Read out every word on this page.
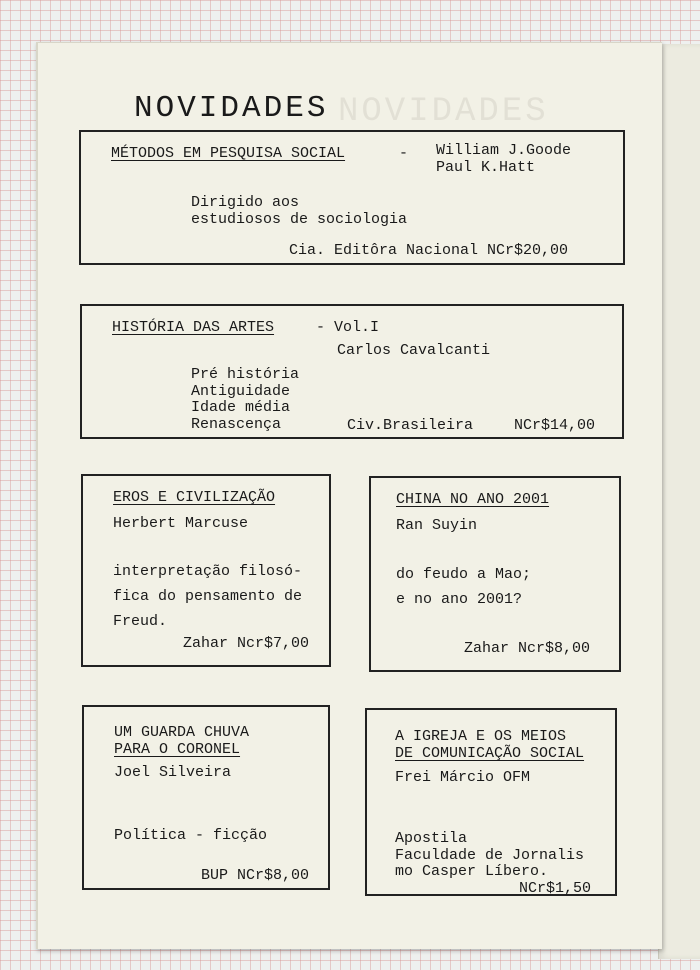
NOVIDADES
NOVIDADES
MÉTODOS EM PESQUISA SOCIAL	- William J.Goode
Paul K.Hatt
Dirigido aos
estudiosos de sociologia
Cia. Editôra Nacional NCr$20,00
HISTÓRIA DAS ARTES	- Vol.I
Carlos Cavalcanti
Pré história
Antiguidade
Idade média
Renascença	Civ.Brasileira	NCr$14,00
EROS E CIVILIZAÇÃO
Herbert Marcuse
interpretação filosó-
fica do pensamento de
Freud.
Zahar Ncr$7,00
CHINA NO ANO 2001
Ran Suyin
do feudo a Mao;
e no ano 2001?
Zahar Ncr$8,00
UM GUARDA CHUVA
PARA O CORONEL
Joel Silveira
Política - ficção
BUP NCr$8,00
A IGREJA E OS MEIOS
DE COMUNICAÇÃO SOCIAL
Frei Márcio OFM
Apostila
Faculdade de Jornalis
mo Casper Líbero.
NCr$1,50
